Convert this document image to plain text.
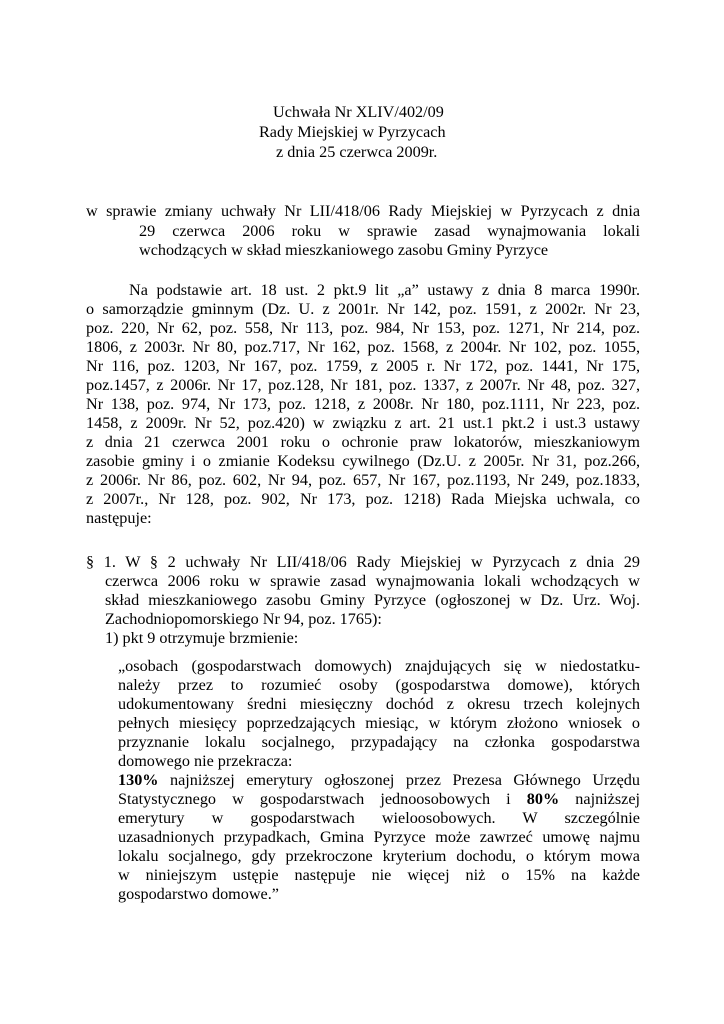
Uchwała Nr XLIV/402/09
Rady Miejskiej w Pyrzycach
z dnia 25 czerwca 2009r.
w sprawie zmiany uchwały Nr LII/418/06 Rady Miejskiej w Pyrzycach z dnia
29 czerwca 2006 roku w sprawie zasad wynajmowania lokali
wchodzących w skład mieszkaniowego zasobu Gminy Pyrzyce
Na podstawie art. 18 ust. 2 pkt.9 lit „a” ustawy z dnia 8 marca 1990r.
o samorządzie gminnym (Dz. U. z 2001r. Nr 142, poz. 1591, z 2002r. Nr 23,
poz. 220, Nr 62, poz. 558, Nr 113, poz. 984, Nr 153, poz. 1271, Nr 214, poz.
1806, z 2003r. Nr 80, poz.717, Nr 162, poz. 1568, z 2004r. Nr 102, poz. 1055,
Nr 116, poz. 1203, Nr 167, poz. 1759, z 2005 r. Nr 172, poz. 1441, Nr 175,
poz.1457, z 2006r. Nr 17, poz.128, Nr 181, poz. 1337, z 2007r. Nr 48, poz. 327,
Nr 138, poz. 974, Nr 173, poz. 1218, z 2008r. Nr 180, poz.1111, Nr 223, poz.
1458, z 2009r. Nr 52, poz.420) w związku z art. 21 ust.1 pkt.2 i ust.3 ustawy
z dnia 21 czerwca 2001 roku o ochronie praw lokatorów, mieszkaniowym
zasobie gminy i o zmianie Kodeksu cywilnego (Dz.U. z 2005r. Nr 31, poz.266,
z 2006r. Nr 86, poz. 602, Nr 94, poz. 657, Nr 167, poz.1193, Nr 249, poz.1833,
z 2007r., Nr 128, poz. 902, Nr 173, poz. 1218) Rada Miejska uchwala, co
następuje:
§ 1. W § 2 uchwały Nr LII/418/06 Rady Miejskiej w Pyrzycach z dnia 29
czerwca 2006 roku w sprawie zasad wynajmowania lokali wchodzących w
skład mieszkaniowego zasobu Gminy Pyrzyce (ogłoszonej w Dz. Urz. Woj.
Zachodniopomorskiego Nr 94, poz. 1765):
1) pkt 9 otrzymuje brzmienie:
„osobach (gospodarstwach domowych) znajdujących się w niedostatku-
należy przez to rozumieć osoby (gospodarstwa domowe), których
udokumentowany średni miesięczny dochód z okresu trzech kolejnych
pełnych miesięcy poprzedzających miesiąc, w którym złożono wniosek o
przyznanie lokalu socjalnego, przypadający na członka gospodarstwa
domowego nie przekracza:
130% najniższej emerytury ogłoszonej przez Prezesa Głównego Urzędu
Statystycznego w gospodarstwach jednoosobowych i 80% najniższej
emerytury w gospodarstwach wieloosobowych. W szczególnie
uzasadnionych przypadkach, Gmina Pyrzyce może zawrzeć umowę najmu
lokalu socjalnego, gdy przekroczone kryterium dochodu, o którym mowa
w niniejszym ustępie następuje nie więcej niż o 15% na każde
gospodarstwo domowe.”
